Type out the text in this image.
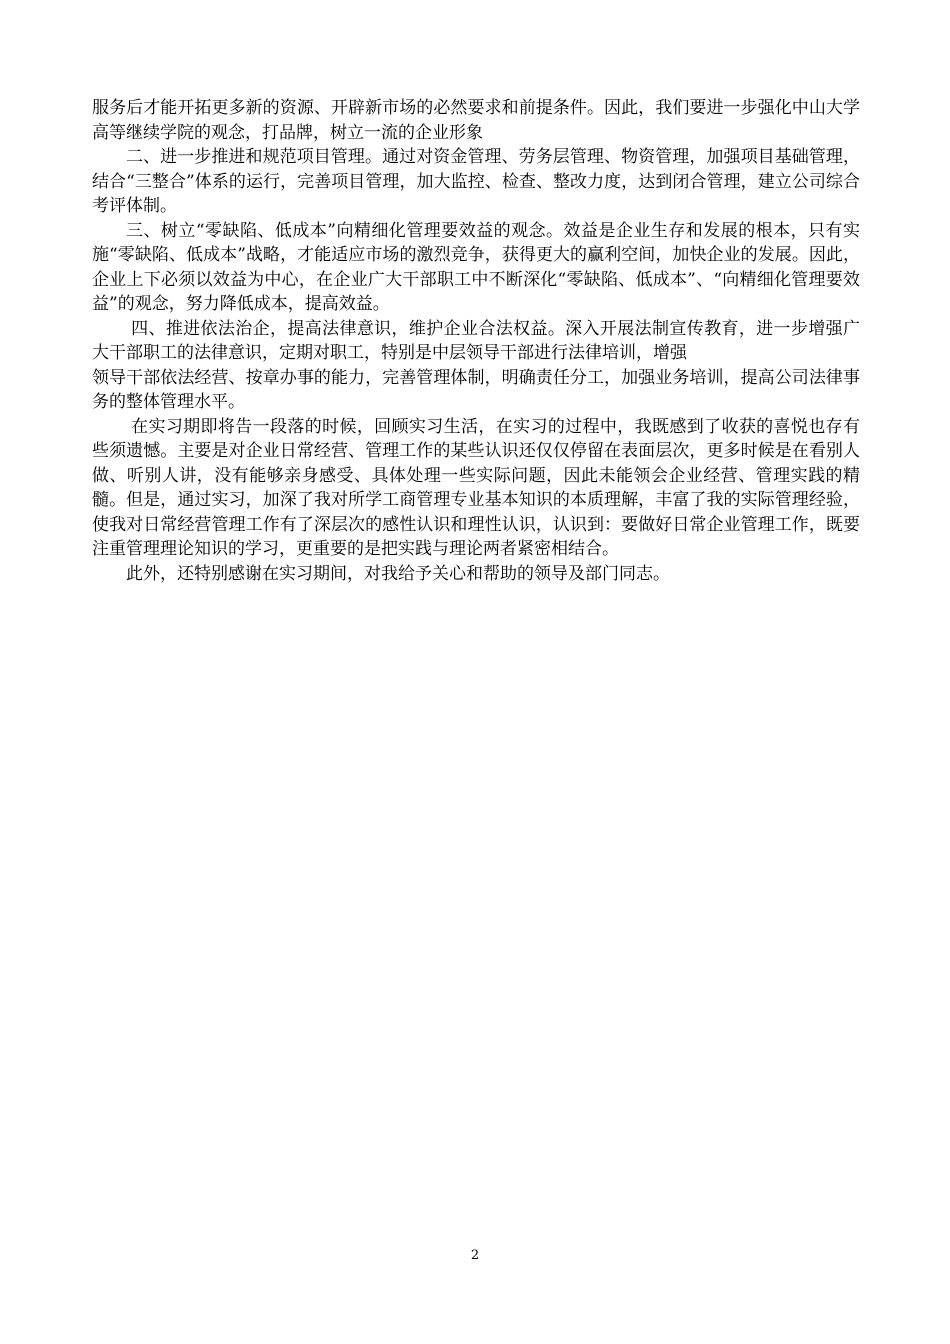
服务后才能开拓更多新的资源、开辟新市场的必然要求和前提条件。因此，我们要进一步强化中山大学高等继续学院的观念，打品牌，树立一流的企业形象

二、进一步推进和规范项目管理。通过对资金管理、劳务层管理、物资管理，加强项目基础管理，结合“三整合”体系的运行，完善项目管理，加大监控、检查、整改力度，达到闭合管理，建立公司综合考评体制。

三、树立“零缺陷、低成本”向精细化管理要效益的观念。效益是企业生存和发展的根本，只有实施“零缺陷、低成本”战略，才能适应市场的激烈竞争，获得更大的赢利空间，加快企业的发展。因此，企业上下必须以效益为中心，在企业广大干部职工中不断深化“零缺陷、低成本”、“向精细化管理要效益”的观念，努力降低成本，提高效益。

四、推进依法治企，提高法律意识，维护企业合法权益。深入开展法制宣传教育，进一步增强广大干部职工的法律意识，定期对职工，特别是中层领导干部进行法律培训，增强

领导干部依法经营、按章办事的能力，完善管理体制，明确责任分工，加强业务培训，提高公司法律事务的整体管理水平。

在实习期即将告一段落的时候，回顾实习生活，在实习的过程中，我既感到了收获的喜悦也存有些须遗憾。主要是对企业日常经营、管理工作的某些认识还仅仅停留在表面层次，更多时候是在看别人做、听别人讲，没有能够亲身感受、具体处理一些实际问题，因此未能领会企业经营、管理实践的精髓。但是，通过实习，加深了我对所学工商管理专业基本知识的本质理解，丰富了我的实际管理经验，使我对日常经营管理工作有了深层次的感性认识和理性认识，认识到：要做好日常企业管理工作，既要注重管理理论知识的学习，更重要的是把实践与理论两者紧密相结合。

此外，还特别感谢在实习期间，对我给予关心和帮助的领导及部门同志。

2
